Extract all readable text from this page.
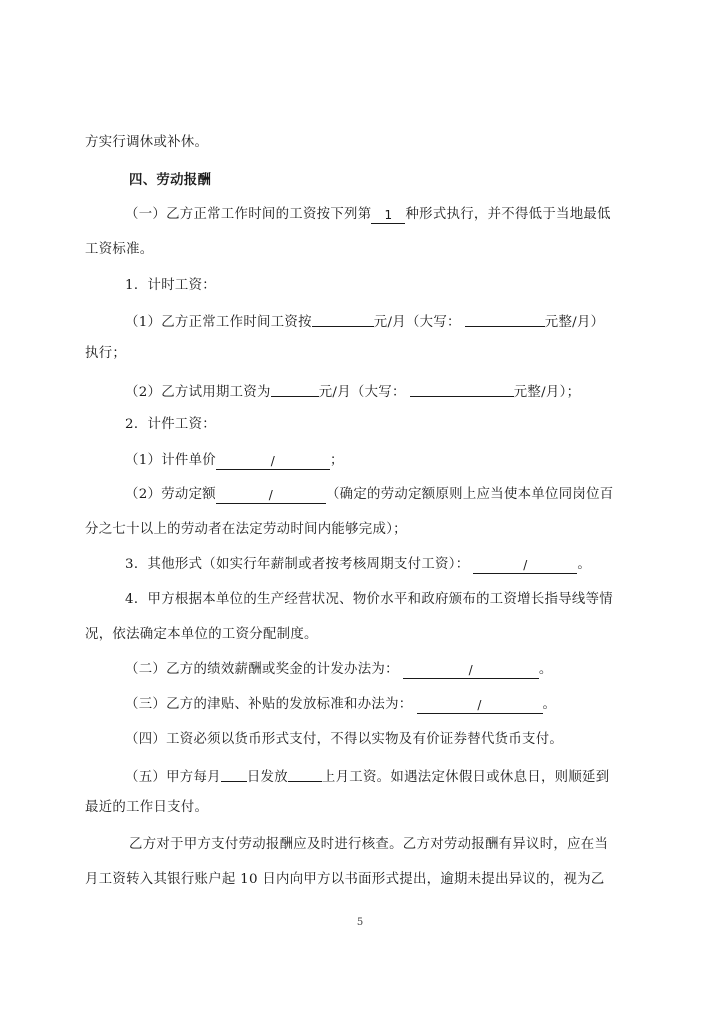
方实行调休或补休。
四、劳动报酬
（一）乙方正常工作时间的工资按下列第 1 种形式执行，并不得低于当地最低
工资标准。
1．计时工资：
（1）乙方正常工作时间工资按	元/月（大写：	元整/月）
执行；
（2）乙方试用期工资为	元/月（大写：	元整/月）；
2．计件工资：
（1）计件单价	/	；
（2）劳动定额	/	（确定的劳动定额原则上应当使本单位同岗位百
分之七十以上的劳动者在法定劳动时间内能够完成）；
3．其他形式（如实行年薪制或者按考核周期支付工资）：	/	。
4．甲方根据本单位的生产经营状况、物价水平和政府颁布的工资增长指导线等情
况，依法确定本单位的工资分配制度。
（二）乙方的绩效薪酬或奖金的计发办法为：	/	。
（三）乙方的津贴、补贴的发放标准和办法为：	/	。
（四）工资必须以货币形式支付，不得以实物及有价证券替代货币支付。
（五）甲方每月 日发放	上月工资。如遇法定休假日或休息日，则顺延到
最近的工作日支付。
乙方对于甲方支付劳动报酬应及时进行核查。乙方对劳动报酬有异议时，应在当
月工资转入其银行账户起 10 日内向甲方以书面形式提出，逾期未提出异议的，视为乙
5
